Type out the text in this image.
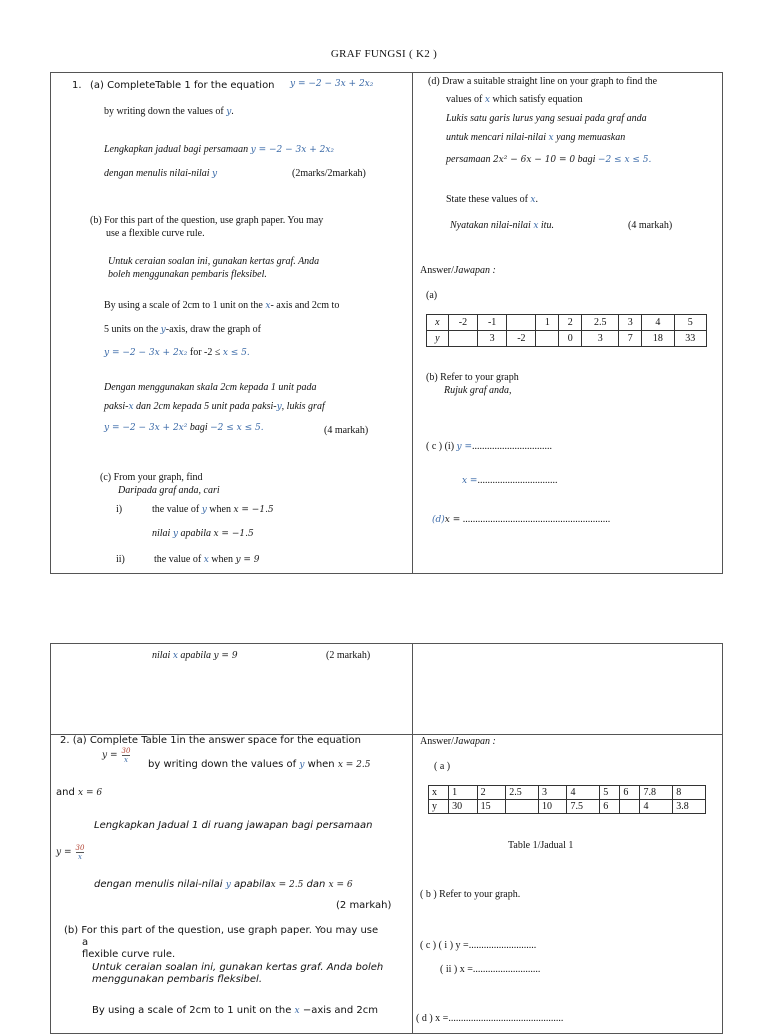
GRAF FUNGSI ( K2 )
1. (a) CompleteTable 1 for the equation y = −2 − 3x + 2x₂
by writing down the values of y.
Lengkapkan jadual bagi persamaan y = −2 − 3x + 2x₂
dengan menulis nilai-nilai y	(2marks/2markah)
(b) For this part of the question, use graph paper. You may
use a flexible curve rule.
Untuk ceraian soalan ini, gunakan kertas graf. Anda
boleh menggunakan pembaris fleksibel.
By using a scale of 2cm to 1 unit on the x- axis and 2cm to
5 units on the y-axis, draw the graph of
y = −2 − 3x + 2x₂ for -2 ≤ x ≤ 5.
Dengan menggunakan skala 2cm kepada 1 unit pada
paksi-x dan 2cm kepada 5 unit pada paksi-y, lukis graf
y = −2 − 3x + 2x² bagi −2 ≤ x ≤ 5.	(4 markah)
(c) From your graph, find
Daripada graf anda, cari
i)	the value of y when x = −1.5
nilai y apabila x = −1.5
ii)	the value of x when y = 9
(d) Draw a suitable straight line on your graph to find the
values of x which satisfy equation
Lukis satu garis lurus yang sesuai pada graf anda
untuk mencari nilai-nilai x yang memuaskan
persamaan 2x² − 6x − 10 = 0 bagi −2 ≤ x ≤ 5.
State these values of x.
Nyatakan nilai-nilai x itu.	(4 markah)
Answer/Jawapan :
(a)
x	-2	-1		1	2	2.5	3	4	5
y		3	-2		0	3	7	18	33
(b) Refer to your graph
Rujuk graf anda,
( c ) (i) y =................................
x =................................
(d)x = ...........................................................
nilai x apabila y = 9	(2 markah)
2. (a) Complete Table 1in the answer space for the equation
$y = \frac{30}{x}$
by writing down the values of y when x = 2.5
and x = 6
Lengkapkan Jadual 1 di ruang jawapan bagi persamaan
$y = \frac{30}{x}$
dengan menulis nilai-nilai y apabilax = 2.5 dan x = 6
(2 markah)
(b) For this part of the question, use graph paper. You may use
a
flexible curve rule.
Untuk ceraian soalan ini, gunakan kertas graf. Anda boleh
menggunakan pembaris fleksibel.
By using a scale of 2cm to 1 unit on the x −axis and 2cm
Answer/Jawapan :
( a )
x	1	2	2.5	3	4	5	6	7.8	8
y	30	15		10	7.5	6		4	3.8
Table 1/Jadual 1
( b ) Refer to your graph.
( c ) ( i ) y =...........................
( ii ) x =...........................
( d ) x =..............................................
